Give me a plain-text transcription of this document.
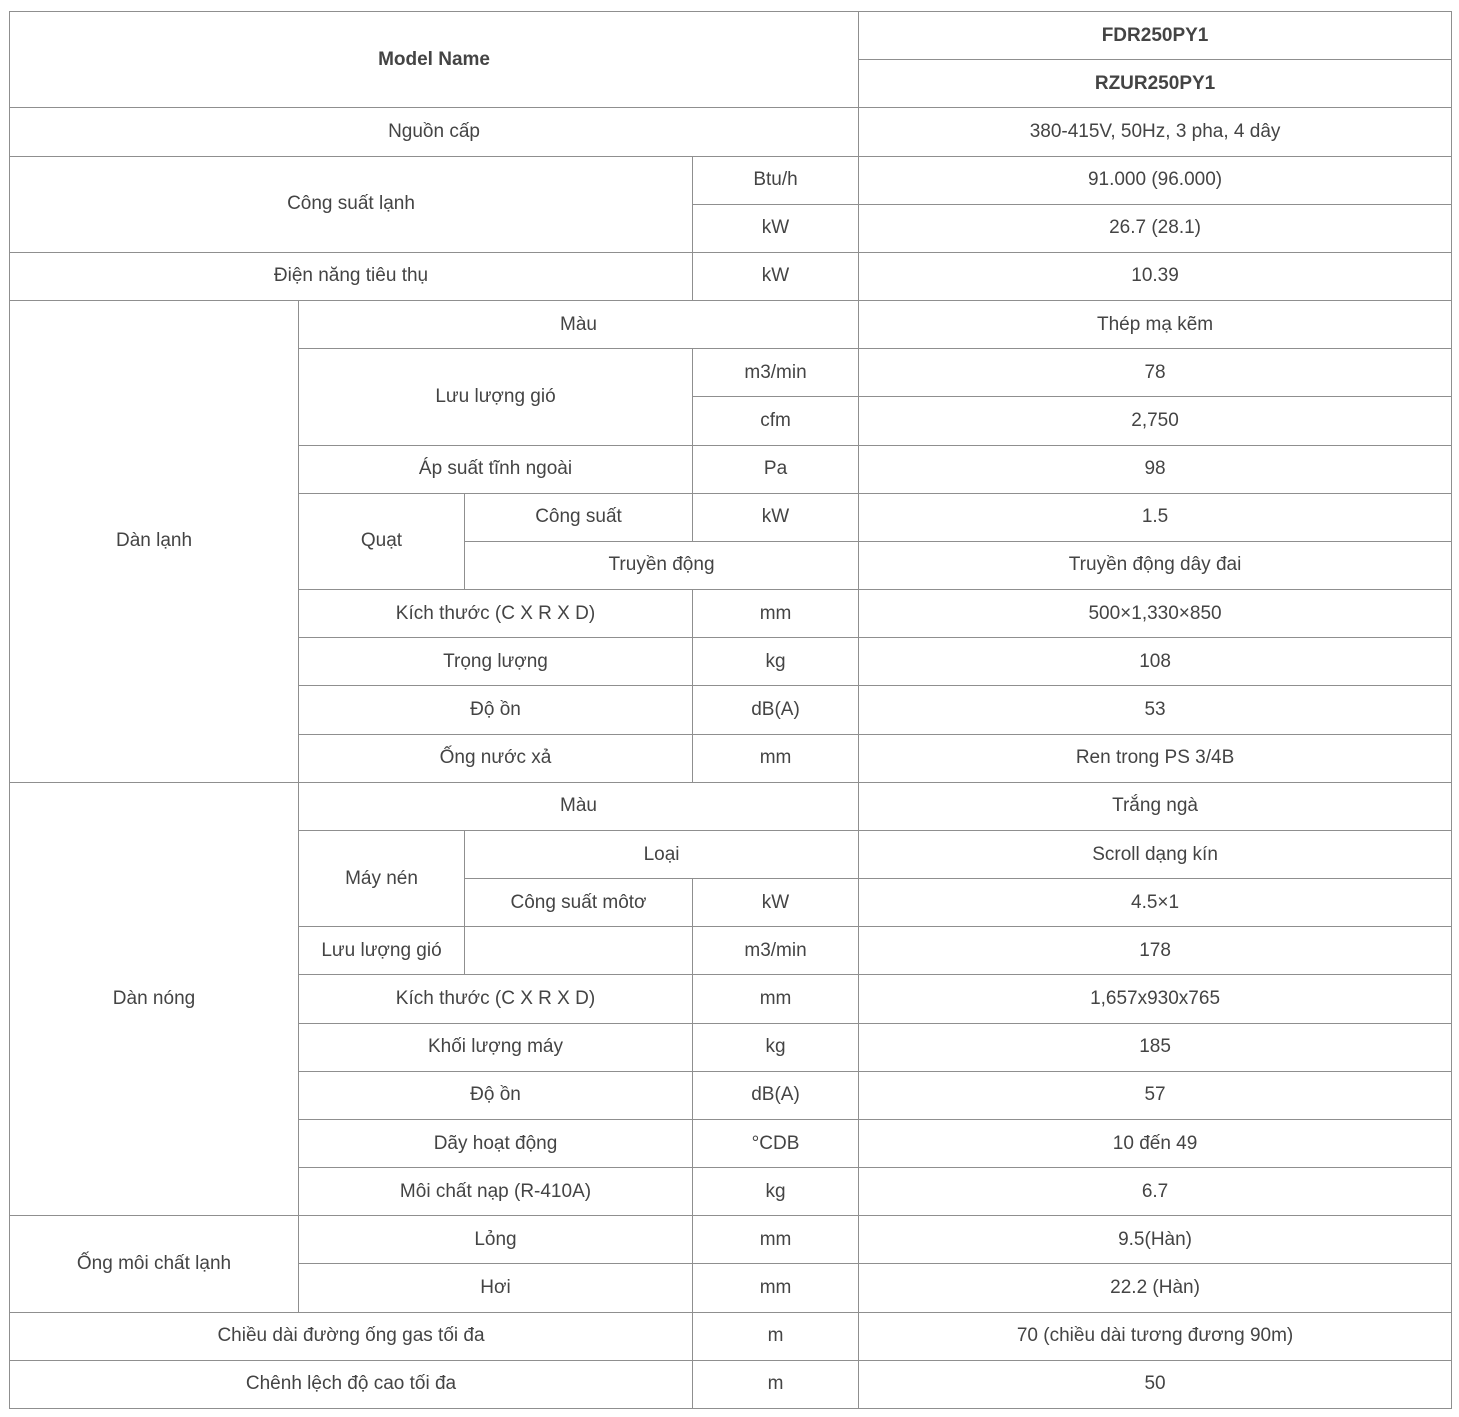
Model Name				FDR250PY1
				RZUR250PY1
Nguồn cấp				380-415V, 50Hz, 3 pha, 4 dây
Công suất lạnh			Btu/h	91.000 (96.000)
			kW	26.7 (28.1)
Điện năng tiêu thụ			kW	10.39
Dàn lạnh	Màu			Thép mạ kẽm
	Lưu lượng gió		m3/min	78
			cfm	2,750
	Áp suất tĩnh ngoài		Pa	98
	Quạt	Công suất	kW	1.5
		Truyền động		Truyền động dây đai
	Kích thước (C X R X D)		mm	500×1,330×850
	Trọng lượng		kg	108
	Độ ồn		dB(A)	53
	Ống nước xả		mm	Ren trong PS 3/4B
Dàn nóng	Màu			Trắng ngà
	Máy nén	Loại		Scroll dạng kín
		Công suất môtơ	kW	4.5×1
	Lưu lượng gió		m3/min	178
	Kích thước (C X R X D)		mm	1,657x930x765
	Khối lượng máy		kg	185
	Độ ồn		dB(A)	57
	Dãy hoạt động		°CDB	10 đến 49
	Môi chất nạp (R-410A)		kg	6.7
Ống môi chất lạnh	Lỏng		mm	9.5(Hàn)
	Hơi		mm	22.2 (Hàn)
Chiều dài đường ống gas tối đa			m	70 (chiều dài tương đương 90m)
Chênh lệch độ cao tối đa			m	50
